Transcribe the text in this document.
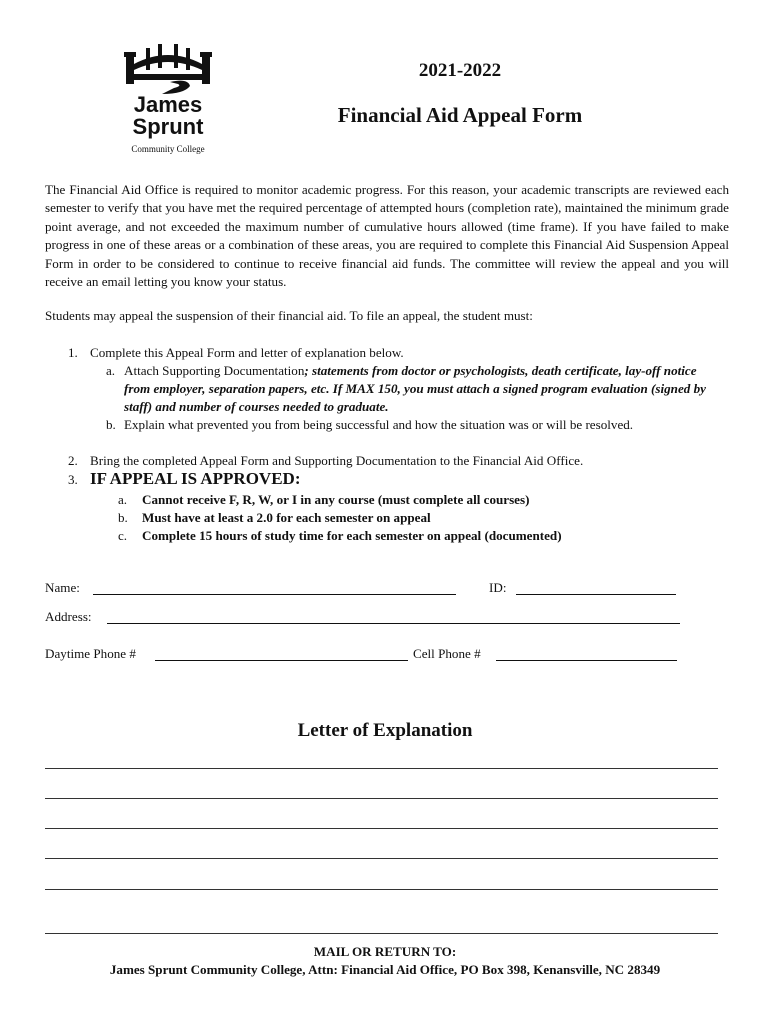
James
Sprunt
Community College
2021-2022
Financial Aid Appeal Form

The Financial Aid Office is required to monitor academic progress. For this reason, your academic transcripts are reviewed each semester to verify that you have met the required percentage of attempted hours (completion rate), maintained the minimum grade point average, and not exceeded the maximum number of cumulative hours allowed (time frame). If you have failed to make progress in one of these areas or a combination of these areas, you are required to complete this Financial Aid Suspension Appeal Form in order to be considered to continue to receive financial aid funds. The committee will review the appeal and you will receive an email letting you know your status.

Students may appeal the suspension of their financial aid. To file an appeal, the student must:
1. Complete this Appeal Form and letter of explanation below.
a. Attach Supporting Documentation; statements from doctor or psychologists, death certificate, lay-off notice from employer, separation papers, etc. If MAX 150, you must attach a signed program evaluation (signed by staff) and number of courses needed to graduate.
b. Explain what prevented you from being successful and how the situation was or will be resolved.
2. Bring the completed Appeal Form and Supporting Documentation to the Financial Aid Office.
3. IF APPEAL IS APPROVED:
a. Cannot receive F, R, W, or I in any course (must complete all courses)
b. Must have at least a 2.0 for each semester on appeal
c. Complete 15 hours of study time for each semester on appeal (documented)
Name:	ID:
Address:
Daytime Phone #	Cell Phone #
Letter of Explanation
MAIL OR RETURN TO:
James Sprunt Community College, Attn: Financial Aid Office, PO Box 398, Kenansville, NC 28349
